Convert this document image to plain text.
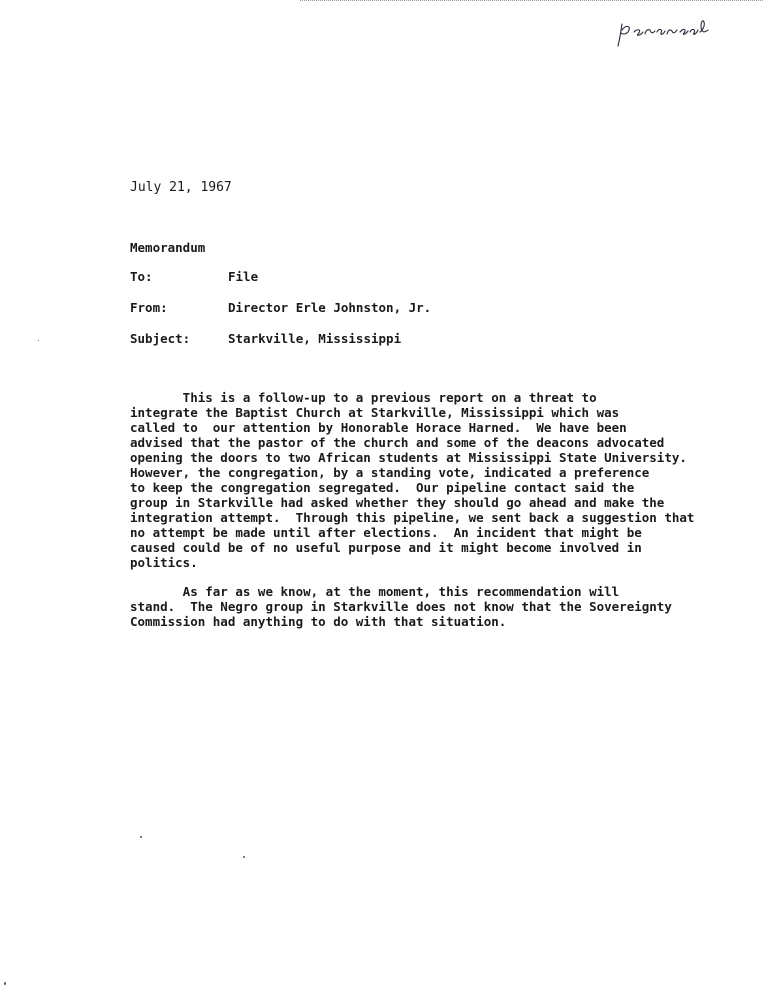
July 21, 1967
Memorandum
To:	File
From:	Director Erle Johnston, Jr.
Subject:	Starkville, Mississippi
This is a follow-up to a previous report on a threat to
integrate the Baptist Church at Starkville, Mississippi which was
called to  our attention by Honorable Horace Harned.  We have been
advised that the pastor of the church and some of the deacons advocated
opening the doors to two African students at Mississippi State University.
However, the congregation, by a standing vote, indicated a preference
to keep the congregation segregated.  Our pipeline contact said the
group in Starkville had asked whether they should go ahead and make the
integration attempt.  Through this pipeline, we sent back a suggestion that
no attempt be made until after elections.  An incident that might be
caused could be of no useful purpose and it might become involved in
politics.
As far as we know, at the moment, this recommendation will
stand.  The Negro group in Starkville does not know that the Sovereignty
Commission had anything to do with that situation.
